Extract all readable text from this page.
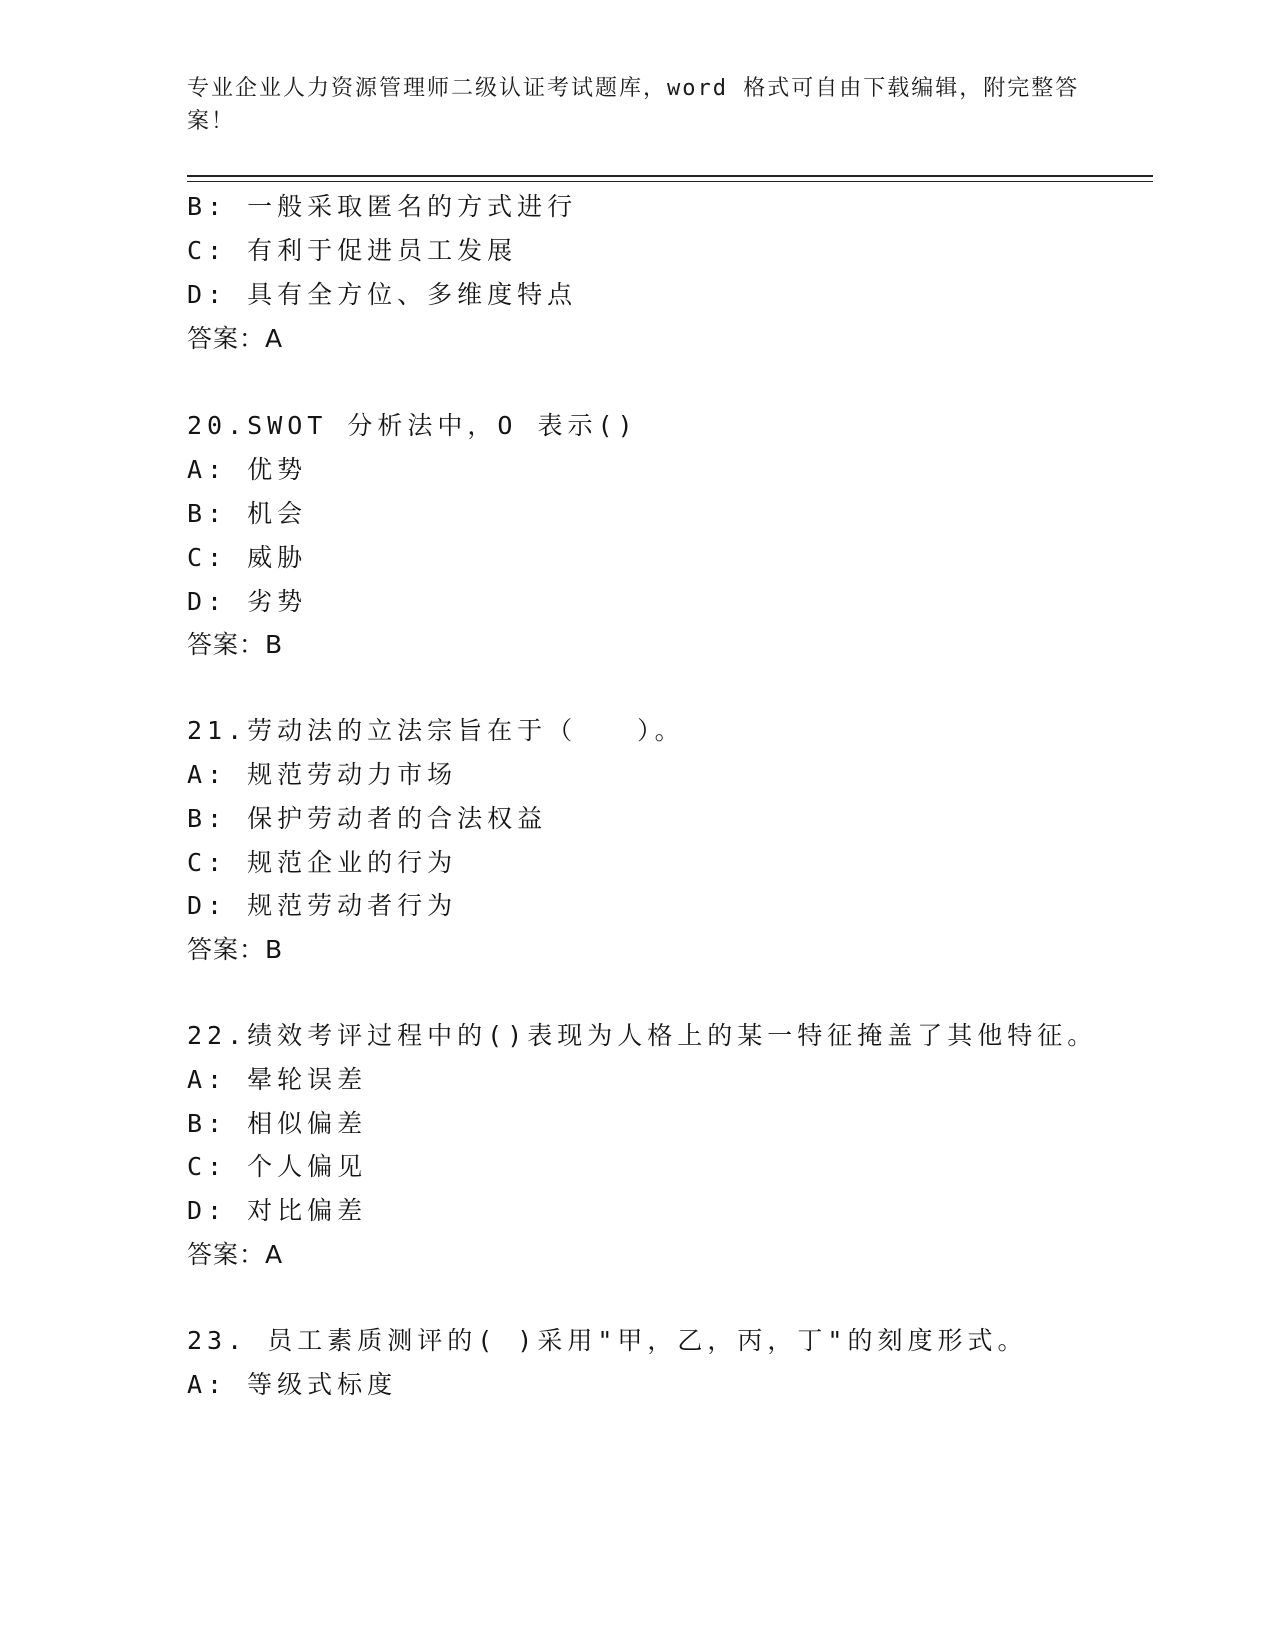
专业企业人力资源管理师二级认证考试题库，word 格式可自由下载编辑，附完整答案！
B: 一般采取匿名的方式进行
C: 有利于促进员工发展
D: 具有全方位、多维度特点
答案：A
20.SWOT 分析法中，O 表示()
A: 优势
B: 机会
C: 威胁
D: 劣势
答案：B
21.劳动法的立法宗旨在于（　　）。
A: 规范劳动力市场
B: 保护劳动者的合法权益
C: 规范企业的行为
D: 规范劳动者行为
答案：B
22.绩效考评过程中的()表现为人格上的某一特征掩盖了其他特征。
A: 晕轮误差
B: 相似偏差
C: 个人偏见
D: 对比偏差
答案：A
23. 员工素质测评的( )采用"甲，乙，丙，丁"的刻度形式。
A: 等级式标度
